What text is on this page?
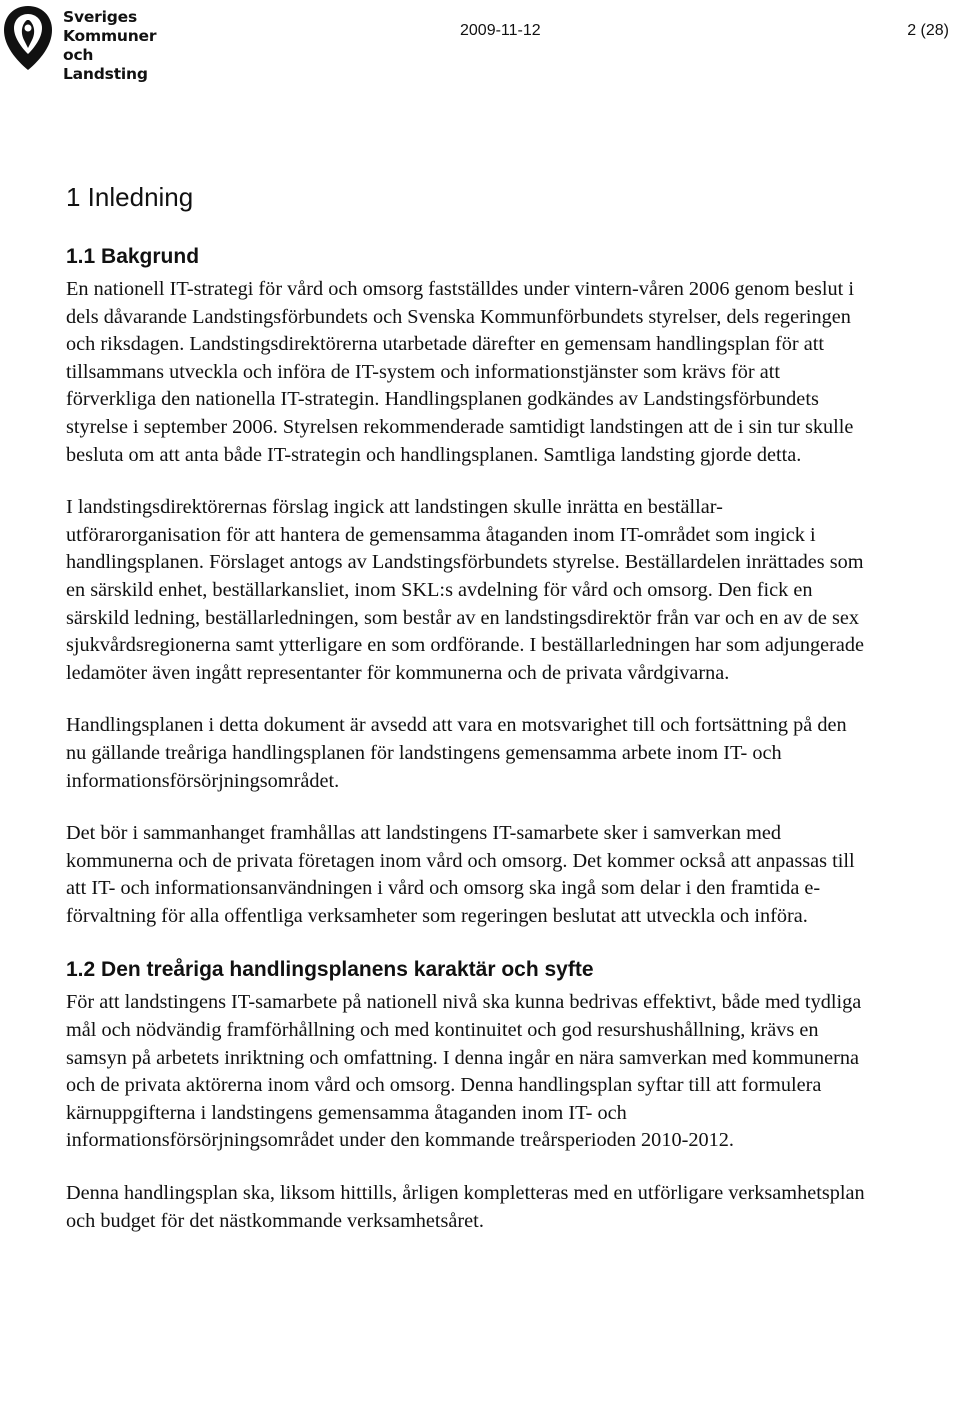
Sveriges
Kommuner
och Landsting
2009-11-12	2 (28)
1 Inledning
1.1 Bakgrund

En nationell IT-strategi för vård och omsorg fastställdes under vintern-våren 2006 genom beslut i dels dåvarande Landstingsförbundets och Svenska Kommunförbundets styrelser, dels regeringen och riksdagen. Landstingsdirektörerna utarbetade därefter en gemensam handlingsplan för att tillsammans utveckla och införa de IT-system och informationstjänster som krävs för att förverkliga den nationella IT-strategin. Handlingsplanen godkändes av Landstingsförbundets styrelse i september 2006. Styrelsen rekommenderade samtidigt landstingen att de i sin tur skulle besluta om att anta både IT-strategin och handlingsplanen. Samtliga landsting gjorde detta.

I landstingsdirektörernas förslag ingick att landstingen skulle inrätta en beställar-utförarorganisation för att hantera de gemensamma åtaganden inom IT-området som ingick i handlingsplanen. Förslaget antogs av Landstingsförbundets styrelse. Beställardelen inrättades som en särskild enhet, beställarkansliet, inom SKL:s avdelning för vård och omsorg. Den fick en särskild ledning, beställarledningen, som består av en landstingsdirektör från var och en av de sex sjukvårdsregionerna samt ytterligare en som ordförande. I beställarledningen har som adjungerade ledamöter även ingått representanter för kommunerna och de privata vårdgivarna.

Handlingsplanen i detta dokument är avsedd att vara en motsvarighet till och fortsättning på den nu gällande treåriga handlingsplanen för landstingens gemensamma arbete inom IT- och informationsförsörjningsområdet.

Det bör i sammanhanget framhållas att landstingens IT-samarbete sker i samverkan med kommunerna och de privata företagen inom vård och omsorg. Det kommer också att anpassas till att IT- och informationsanvändningen i vård och omsorg ska ingå som delar i den framtida e-förvaltning för alla offentliga verksamheter som regeringen beslutat att utveckla och införa.

1.2 Den treåriga handlingsplanens karaktär och syfte

För att landstingens IT-samarbete på nationell nivå ska kunna bedrivas effektivt, både med tydliga mål och nödvändig framförhållning och med kontinuitet och god resurshushållning, krävs en samsyn på arbetets inriktning och omfattning. I denna ingår en nära samverkan med kommunerna och de privata aktörerna inom vård och omsorg. Denna handlingsplan syftar till att formulera kärnuppgifterna i landstingens gemensamma åtaganden inom IT- och informationsförsörjningsområdet under den kommande treårsperioden 2010-2012.

Denna handlingsplan ska, liksom hittills, årligen kompletteras med en utförligare verksamhetsplan och budget för det nästkommande verksamhetsåret.
